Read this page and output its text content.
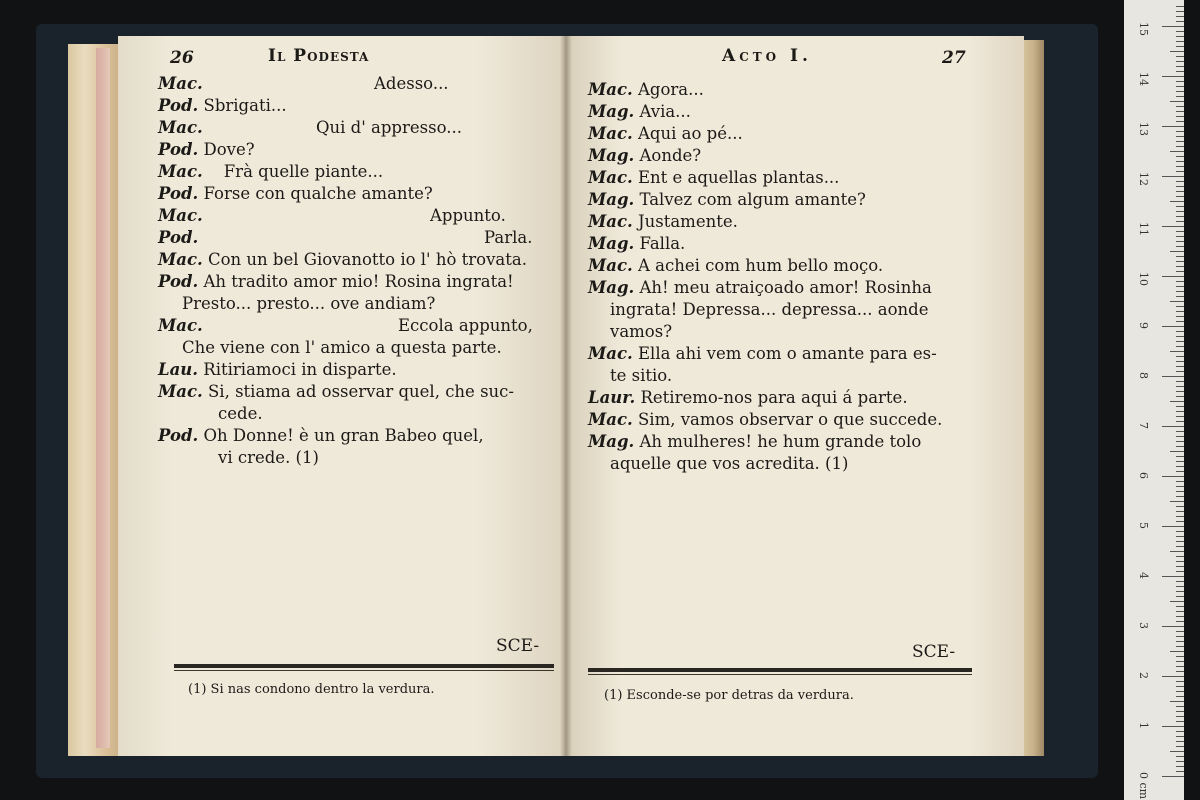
26	Il Podesta
Mac.	Adesso...
Pod. Sbrigati...
Mac.	Qui d' appresso...
Pod. Dove?
Mac. Frà quelle piante...
Pod. Forse con qualche amante?
Mac.	Appunto.
Pod.	Parla.
Mac. Con un bel Giovanotto io l' hò trovata.
Pod. Ah tradito amor mio! Rosina ingrata!
Presto... presto... ove andiam?
Mac.	Eccola appunto,
Che viene con l' amico a questa parte.
Lau. Ritiriamoci in disparte.
Mac. Si, stiama ad osservar quel, che suc-
cede.
Pod. Oh Donne! è un gran Babeo quel,
vi crede. (1)
SCE-
(1) Si nas condono dentro la verdura.
Acto I.	27
Mac. Agora...
Mag. Avia...
Mac. Aqui ao pé...
Mag. Aonde?
Mac. Ent e aquellas plantas...
Mag. Talvez com algum amante?
Mac. Justamente.
Mag. Falla.
Mac. A achei com hum bello moço.
Mag. Ah! meu atraiçoado amor! Rosinha
ingrata! Depressa... depressa... aonde
vamos?
Mac. Ella ahi vem com o amante para es-
te sitio.
Laur. Retiremo-nos para aqui á parte.
Mac. Sim, vamos observar o que succede.
Mag. Ah mulheres! he hum grande tolo
aquelle que vos acredita. (1)
SCE-
(1) Esconde-se por detras da verdura.
0 cm
1
2
3
4
5
6
7
8
9
10
11
12
13
14
15
